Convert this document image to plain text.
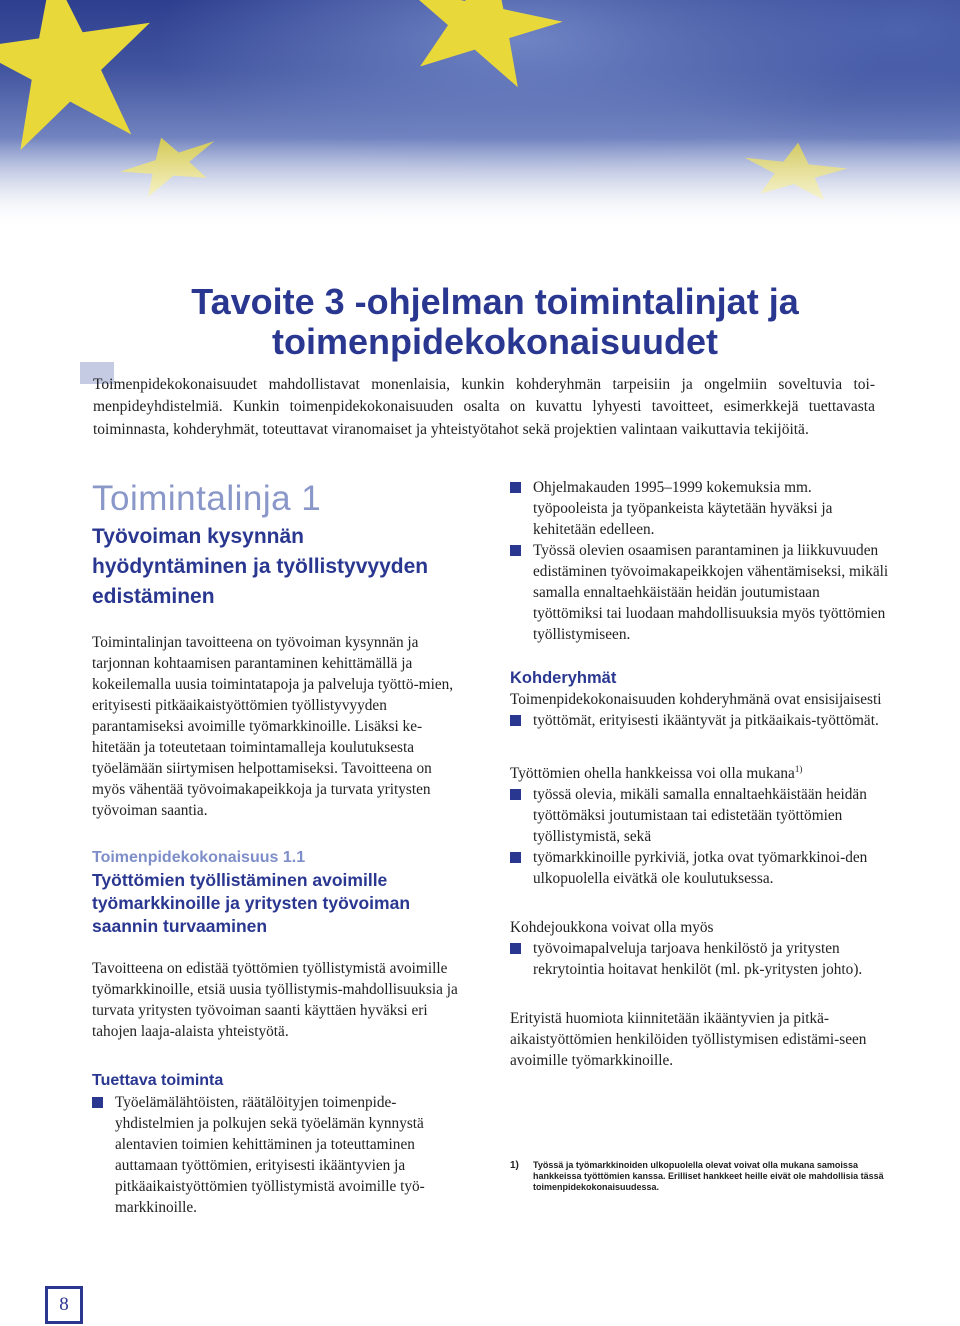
Tavoite 3 -ohjelman toimintalinjat ja
toimenpidekokonaisuudet

Toimenpidekokonaisuudet mahdollistavat monenlaisia, kunkin kohderyhmän tarpeisiin ja ongelmiin soveltuvia toi-menpideyhdistelmiä. Kunkin toimenpidekokonaisuuden osalta on kuvattu lyhyesti tavoitteet, esimerkkejä tuettavasta toiminnasta, kohderyhmät, toteuttavat viranomaiset ja yhteistyötahot sekä projektien valintaan vaikuttavia tekijöitä.

Toimintalinja 1
Työvoiman kysynnän hyödyntäminen ja työllistyvyyden edistäminen

Toimintalinjan tavoitteena on työvoiman kysynnän ja tarjonnan kohtaamisen parantaminen kehittämällä ja kokeilemalla uusia toimintatapoja ja palveluja työttö-mien, erityisesti pitkäaikaistyöttömien työllistyvyyden parantamiseksi avoimille työmarkkinoille. Lisäksi ke-hitetään ja toteutetaan toimintamalleja koulutuksesta työelämään siirtymisen helpottamiseksi. Tavoitteena on myös vähentää työvoimakapeikkoja ja turvata yritysten työvoiman saantia.

Toimenpidekokonaisuus 1.1
Työttömien työllistäminen avoimille työmarkkinoille ja yritysten työvoiman saannin turvaaminen

Tavoitteena on edistää työttömien työllistymistä avoimille työmarkkinoille, etsiä uusia työllistymis-mahdollisuuksia ja turvata yritysten työvoiman saanti käyttäen hyväksi eri tahojen laaja-alaista yhteistyötä.

Tuettava toiminta
Työelämälähtöisten, räätälöityjen toimenpide-yhdistelmien ja polkujen sekä työelämän kynnystä alentavien toimien kehittäminen ja toteuttaminen auttamaan työttömien, erityisesti ikääntyvien ja pitkäaikaistyöttömien työllistymistä avoimille työ-markkinoille.
Ohjelmakauden 1995–1999 kokemuksia mm. työpooleista ja työpankeista käytetään hyväksi ja kehitetään edelleen.
Työssä olevien osaamisen parantaminen ja liikkuvuuden edistäminen työvoimakapeikkojen vähentämiseksi, mikäli samalla ennaltaehkäistään heidän joutumistaan työttömiksi tai luodaan mahdollisuuksia myös työttömien työllistymiseen.
Kohderyhmät

Toimenpidekokonaisuuden kohderyhmänä ovat ensisijaisesti

työttömät, erityisesti ikääntyvät ja pitkäaikais-työttömät.

Työttömien ohella hankkeissa voi olla mukana$^{1)}$

työssä olevia, mikäli samalla ennaltaehkäistään heidän työttömäksi joutumistaan tai edistetään työttömien työllistymistä, sekä
työmarkkinoille pyrkiviä, jotka ovat työmarkkinoi-den ulkopuolella eivätkä ole koulutuksessa.

Kohdejoukkona voivat olla myös

työvoimapalveluja tarjoava henkilöstö ja yritysten rekrytointia hoitavat henkilöt (ml. pk-yritysten johto).

Erityistä huomiota kiinnitetään ikääntyvien ja pitkä-aikaistyöttömien henkilöiden työllistymisen edistämi-seen avoimille työmarkkinoille.

1) Työssä ja työmarkkinoiden ulkopuolella olevat voivat olla mukana samoissa hankkeissa työttömien kanssa. Erilliset hankkeet heille eivät ole mahdollisia tässä toimenpidekokonaisuudessa.

8
